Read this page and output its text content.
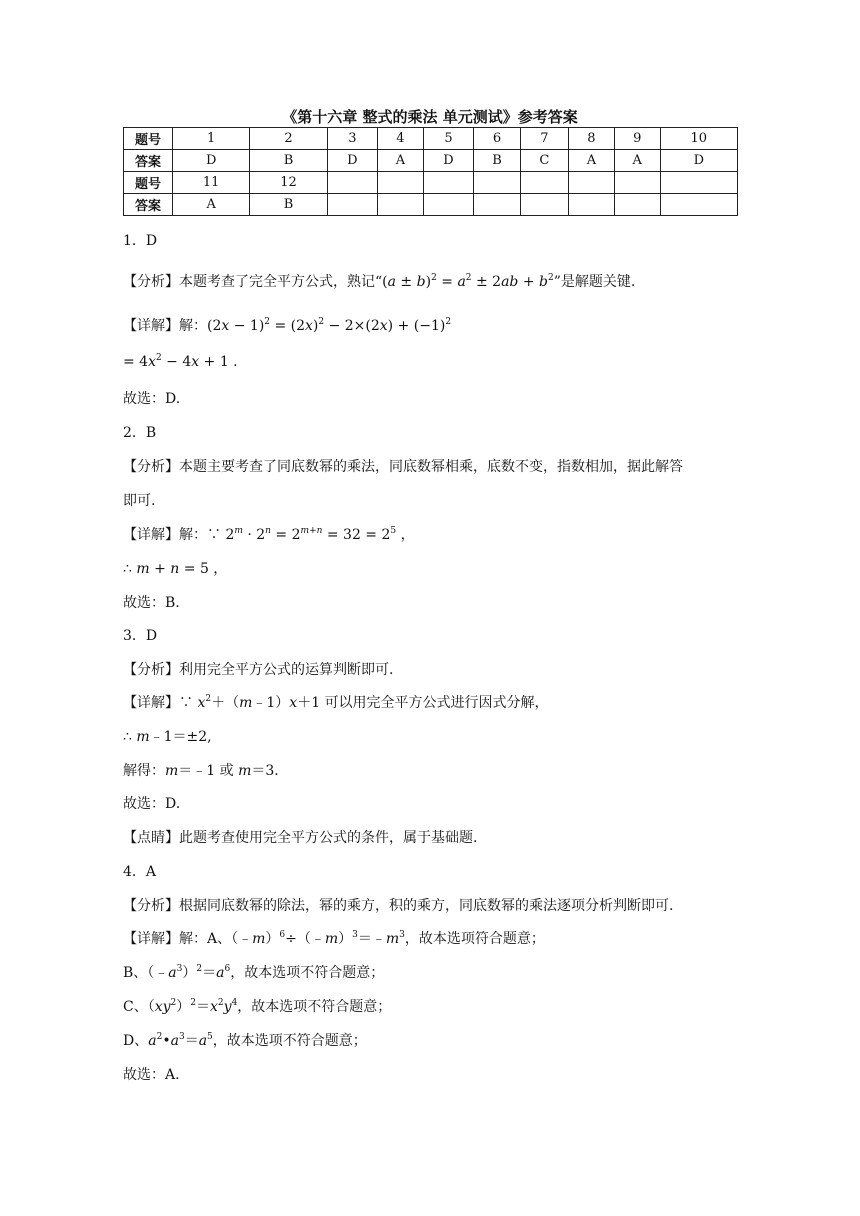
《第十六章 整式的乘法 单元测试》参考答案
题号	1	2	3	4	5	6	7	8	9	10
答案	D	B	D	A	D	B	C	A	A	D
题号	11	12								
答案	A	B								
1．D
【分析】本题考查了完全平方公式，熟记“$(a \pm b)^2 = a^2 \pm 2ab + b^2$”是解题关键.
【详解】解：$(2x - 1)^2 = (2x)^2 - 2\times(2x) + (-1)^2$
= $4x^2 - 4x + 1$ .
故选：D.
2．B
【分析】本题主要考查了同底数幂的乘法，同底数幂相乘，底数不变，指数相加，据此解答
即可.
【详解】解：∵ $2^m \cdot 2^n = 2^{m+n} = 32 = 2^5$ ，
∴ m + n = 5 ，
故选：B.
3．D
【分析】利用完全平方公式的运算判断即可.
【详解】∵ $x^2+(m﹣1)x+1$ 可以用完全平方公式进行因式分解，
∴ m﹣1＝±2,
解得：m＝﹣1 或 m＝3.
故选：D.
【点睛】此题考查使用完全平方公式的条件，属于基础题.
4．A
【分析】根据同底数幂的除法，幂的乘方，积的乘方，同底数幂的乘法逐项分析判断即可.
【详解】解：A、$(﹣m)^6\div(﹣m)^3=﹣m^3$，故本选项符合题意；
B、$(﹣a^3)^2=a^6$，故本选项不符合题意；
C、$(xy^2)^2=x^2y^4$，故本选项不符合题意；
D、$a^2•a^3=a^5$，故本选项不符合题意；
故选：A.
